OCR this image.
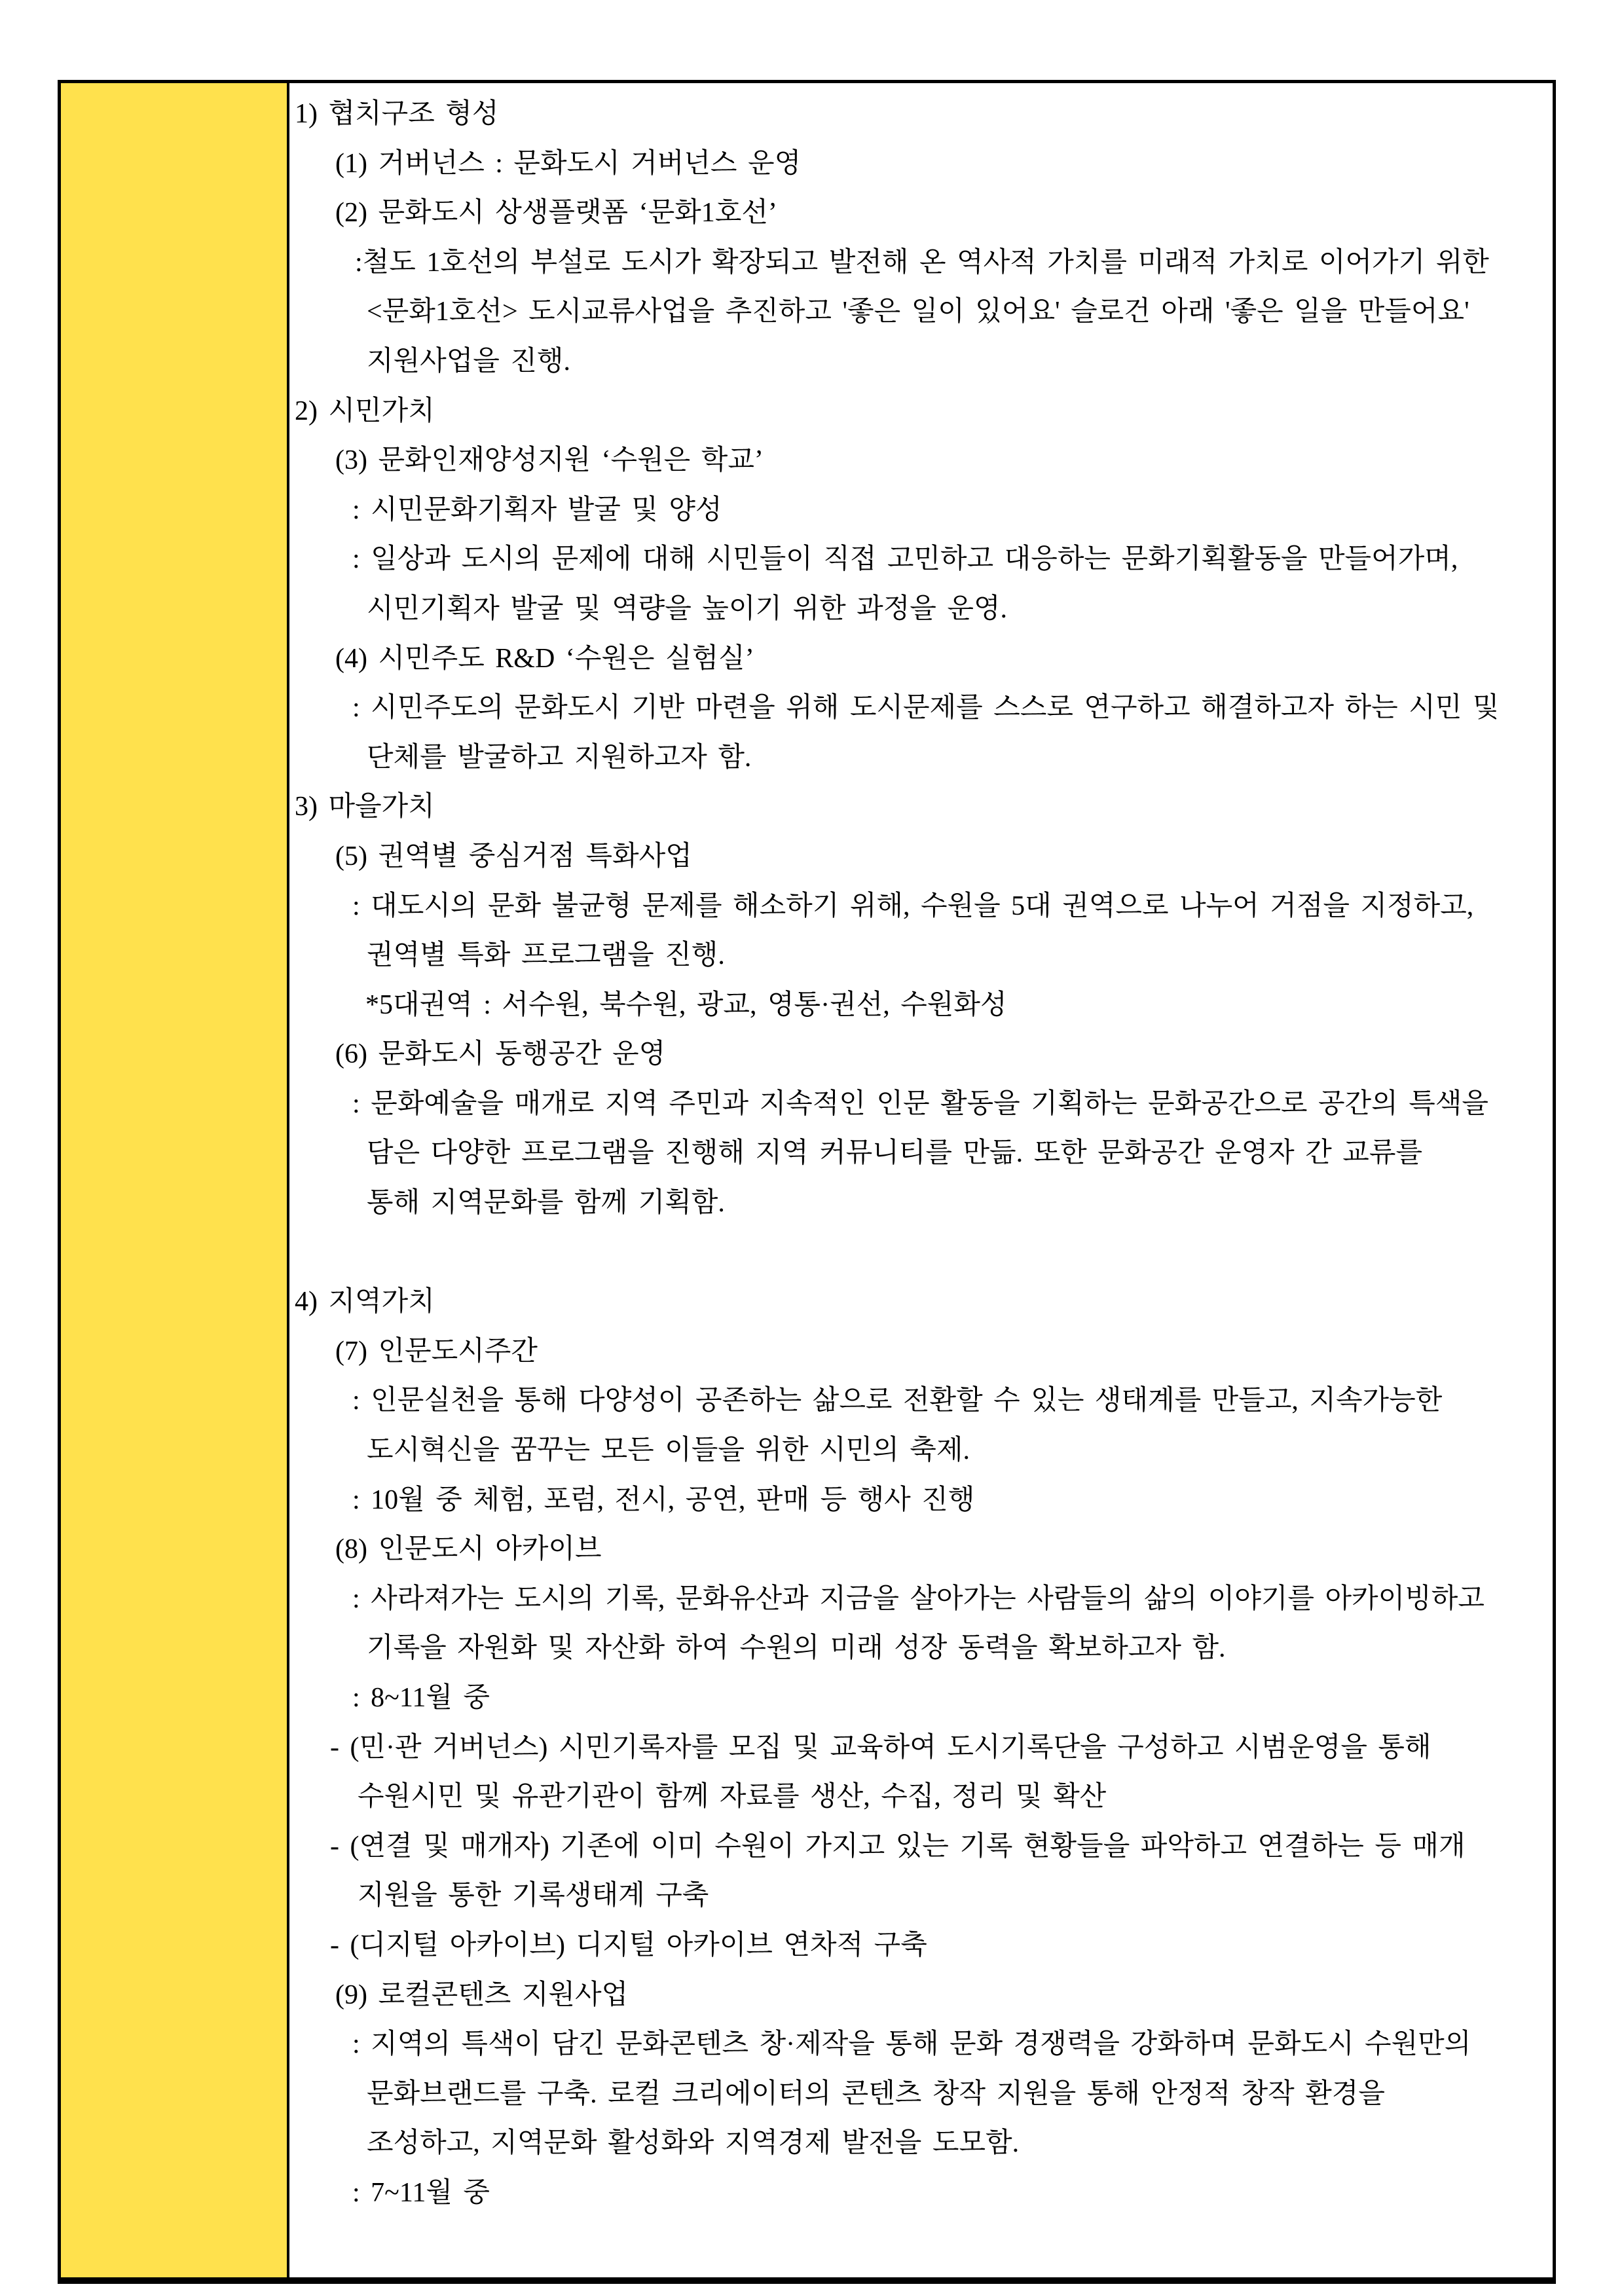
1) 협치구조 형성
(1) 거버넌스 : 문화도시 거버넌스 운영
(2) 문화도시 상생플랫폼 ‘문화1호선’
:철도 1호선의 부설로 도시가 확장되고 발전해 온 역사적 가치를 미래적 가치로 이어가기 위한
<문화1호선> 도시교류사업을 추진하고 '좋은 일이 있어요' 슬로건 아래 '좋은 일을 만들어요'
지원사업을 진행.
2) 시민가치
(3) 문화인재양성지원 ‘수원은 학교’
: 시민문화기획자 발굴 및 양성
: 일상과 도시의 문제에 대해 시민들이 직접 고민하고 대응하는 문화기획활동을 만들어가며,
시민기획자 발굴 및 역량을 높이기 위한 과정을 운영.
(4) 시민주도 R&D ‘수원은 실험실’
: 시민주도의 문화도시 기반 마련을 위해 도시문제를 스스로 연구하고 해결하고자 하는 시민 및
단체를 발굴하고 지원하고자 함.
3) 마을가치
(5) 권역별 중심거점 특화사업
: 대도시의 문화 불균형 문제를 해소하기 위해, 수원을 5대 권역으로 나누어 거점을 지정하고,
권역별 특화 프로그램을 진행.
*5대권역 : 서수원, 북수원, 광교, 영통·권선, 수원화성
(6) 문화도시 동행공간 운영
: 문화예술을 매개로 지역 주민과 지속적인 인문 활동을 기획하는 문화공간으로 공간의 특색을
담은 다양한 프로그램을 진행해 지역 커뮤니티를 만듦. 또한 문화공간 운영자 간 교류를
통해 지역문화를 함께 기획함.

4) 지역가치
(7) 인문도시주간
: 인문실천을 통해 다양성이 공존하는 삶으로 전환할 수 있는 생태계를 만들고, 지속가능한
도시혁신을 꿈꾸는 모든 이들을 위한 시민의 축제.
: 10월 중 체험, 포럼, 전시, 공연, 판매 등 행사 진행
(8) 인문도시 아카이브
: 사라져가는 도시의 기록, 문화유산과 지금을 살아가는 사람들의 삶의 이야기를 아카이빙하고
기록을 자원화 및 자산화 하여 수원의 미래 성장 동력을 확보하고자 함.
: 8~11월 중
- (민·관 거버넌스) 시민기록자를 모집 및 교육하여 도시기록단을 구성하고 시범운영을 통해
수원시민 및 유관기관이 함께 자료를 생산, 수집, 정리 및 확산
- (연결 및 매개자) 기존에 이미 수원이 가지고 있는 기록 현황들을 파악하고 연결하는 등 매개
지원을 통한 기록생태계 구축
- (디지털 아카이브) 디지털 아카이브 연차적 구축
(9) 로컬콘텐츠 지원사업
: 지역의 특색이 담긴 문화콘텐츠 창·제작을 통해 문화 경쟁력을 강화하며 문화도시 수원만의
문화브랜드를 구축. 로컬 크리에이터의 콘텐츠 창작 지원을 통해 안정적 창작 환경을
조성하고, 지역문화 활성화와 지역경제 발전을 도모함.
: 7~11월 중
